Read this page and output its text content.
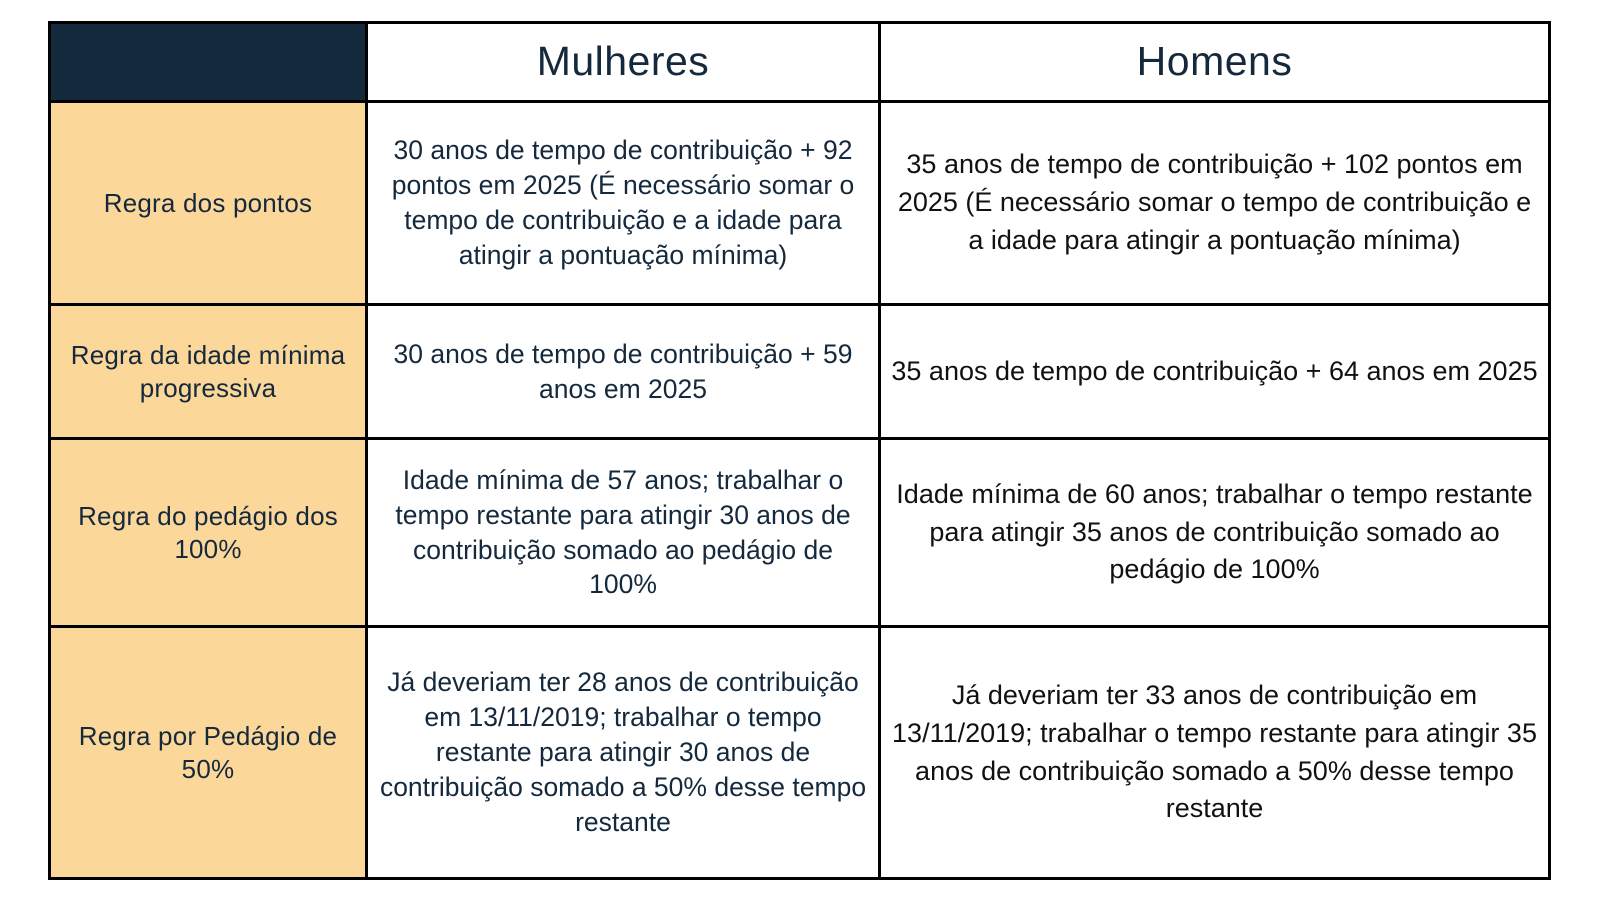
	Mulheres	Homens
Regra dos pontos	30 anos de tempo de contribuição + 92 pontos em 2025 (É necessário somar o tempo de contribuição e a idade para atingir a pontuação mínima)	35 anos de tempo de contribuição + 102 pontos em 2025 (É necessário somar o tempo de contribuição e a idade para atingir a pontuação mínima)
Regra da idade mínima progressiva	30 anos de tempo de contribuição + 59 anos em 2025	35 anos de tempo de contribuição + 64 anos em 2025
Regra do pedágio dos 100%	Idade mínima de 57 anos; trabalhar o tempo restante para atingir 30 anos de contribuição somado ao pedágio de 100%	Idade mínima de 60 anos; trabalhar o tempo restante para atingir 35 anos de contribuição somado ao pedágio de 100%
Regra por Pedágio de 50%	Já deveriam ter 28 anos de contribuição em 13/11/2019; trabalhar o tempo restante para atingir 30 anos de contribuição somado a 50% desse tempo restante	Já deveriam ter 33 anos de contribuição em 13/11/2019; trabalhar o tempo restante para atingir 35 anos de contribuição somado a 50% desse tempo restante
